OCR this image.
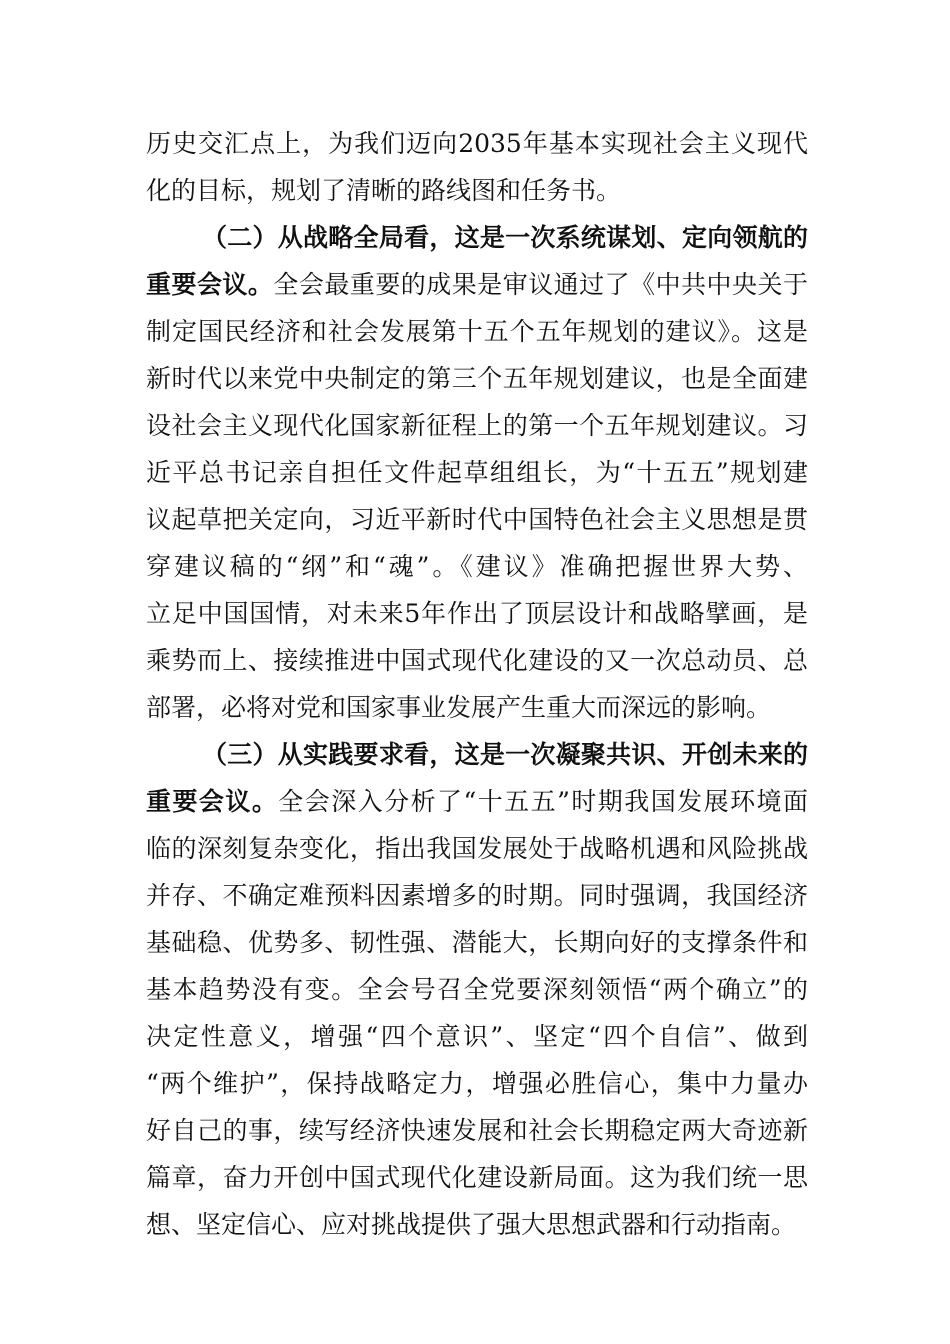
历史交汇点上，为我们迈向2035年基本实现社会主义现代
化的目标，规划了清晰的路线图和任务书。
（二）从战略全局看，这是一次系统谋划、定向领航的
重要会议。全会最重要的成果是审议通过了《中共中央关于
制定国民经济和社会发展第十五个五年规划的建议》。这是
新时代以来党中央制定的第三个五年规划建议，也是全面建
设社会主义现代化国家新征程上的第一个五年规划建议。习
近平总书记亲自担任文件起草组组长，为“十五五”规划建
议起草把关定向，习近平新时代中国特色社会主义思想是贯
穿建议稿的“纲”和“魂”。《建议》准确把握世界大势、
立足中国国情，对未来5年作出了顶层设计和战略擘画，是
乘势而上、接续推进中国式现代化建设的又一次总动员、总
部署，必将对党和国家事业发展产生重大而深远的影响。
（三）从实践要求看，这是一次凝聚共识、开创未来的
重要会议。全会深入分析了“十五五”时期我国发展环境面
临的深刻复杂变化，指出我国发展处于战略机遇和风险挑战
并存、不确定难预料因素增多的时期。同时强调，我国经济
基础稳、优势多、韧性强、潜能大，长期向好的支撑条件和
基本趋势没有变。全会号召全党要深刻领悟“两个确立”的
决定性意义，增强“四个意识”、坚定“四个自信”、做到
“两个维护”，保持战略定力，增强必胜信心，集中力量办
好自己的事，续写经济快速发展和社会长期稳定两大奇迹新
篇章，奋力开创中国式现代化建设新局面。这为我们统一思
想、坚定信心、应对挑战提供了强大思想武器和行动指南。
